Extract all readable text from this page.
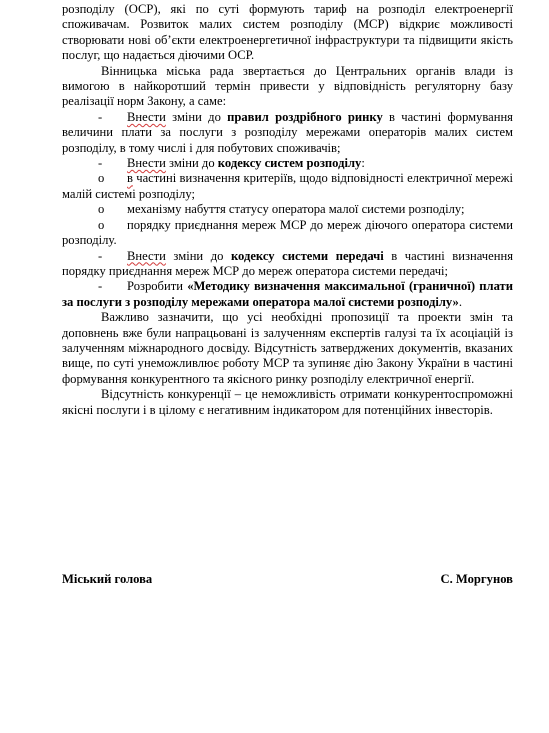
розподілу (ОСР), які по суті формують тариф на розподіл електроенергії споживачам. Розвиток малих систем розподілу (МСР) відкриє можливості створювати нові об’єкти електроенергетичної інфраструктури та підвищити якість послуг, що надається діючими ОСР.

Вінницька міська рада звертається до Центральних органів влади із вимогою в найкоротший термін привести у відповідність регуляторну базу реалізації норм Закону, а саме:

- Внести зміни до правил роздрібного ринку в частині формування величини плати за послуги з розподілу мережами операторів малих систем розподілу, в тому числі і для побутових споживачів;

- Внести зміни до кодексу систем розподілу:

o в частині визначення критеріїв, щодо відповідності електричної мережі малій системі розподілу;

o механізму набуття статусу оператора малої системи розподілу;

o порядку приєднання мереж МСР до мереж діючого оператора системи розподілу.

- Внести зміни до кодексу системи передачі в частині визначення порядку приєднання мереж МСР до мереж оператора системи передачі;

- Розробити «Методику визначення максимальної (граничної) плати за послуги з розподілу мережами оператора малої системи розподілу».

Важливо зазначити, що усі необхідні пропозиції та проекти змін та доповнень вже були напрацьовані із залученням експертів галузі та їх асоціацій із залученням міжнародного досвіду. Відсутність затверджених документів, вказаних вище, по суті унеможливлює роботу МСР та зупиняє дію Закону України в частині формування конкурентного та якісного ринку розподілу електричної енергії.

Відсутність конкуренції – це неможливість отримати конкурентоспроможні якісні послуги і в цілому є негативним індикатором для потенційних інвесторів.

Міський голова	С. Моргунов
